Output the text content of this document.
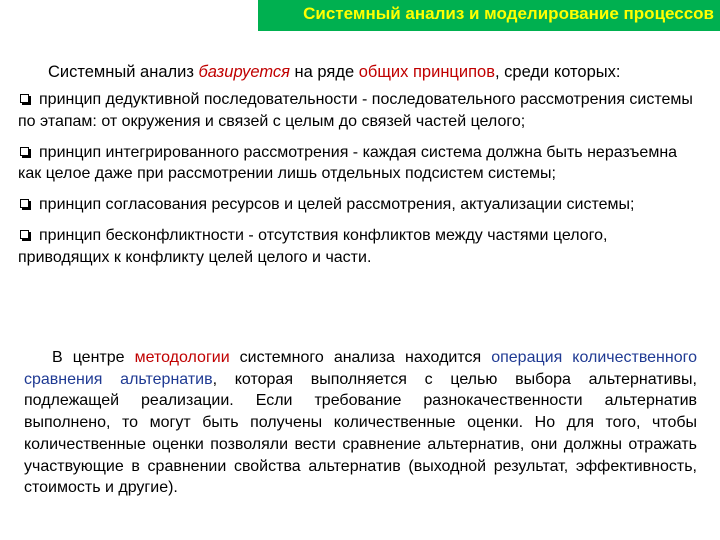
Системный анализ и моделирование процессов
Системный анализ базируется на ряде общих принципов, среди которых:
принцип дедуктивной последовательности - последовательного рассмотрения системы по этапам: от окружения и связей с целым до связей частей целого;
принцип интегрированного рассмотрения - каждая система должна быть неразъемна как целое даже при рассмотрении лишь отдельных подсистем системы;
принцип согласования ресурсов и целей рассмотрения, актуализации системы;
принцип бесконфликтности - отсутствия конфликтов между частями целого, приводящих к конфликту целей целого и части.
В центре методологии системного анализа находится операция количественного сравнения альтернатив, которая выполняется с целью выбора альтернативы, подлежащей реализации. Если требование разнокачественности альтернатив выполнено, то могут быть получены количественные оценки. Но для того, чтобы количественные оценки позволяли вести сравнение альтернатив, они должны отражать участвующие в сравнении свойства альтернатив (выходной результат, эффективность, стоимость и другие).
